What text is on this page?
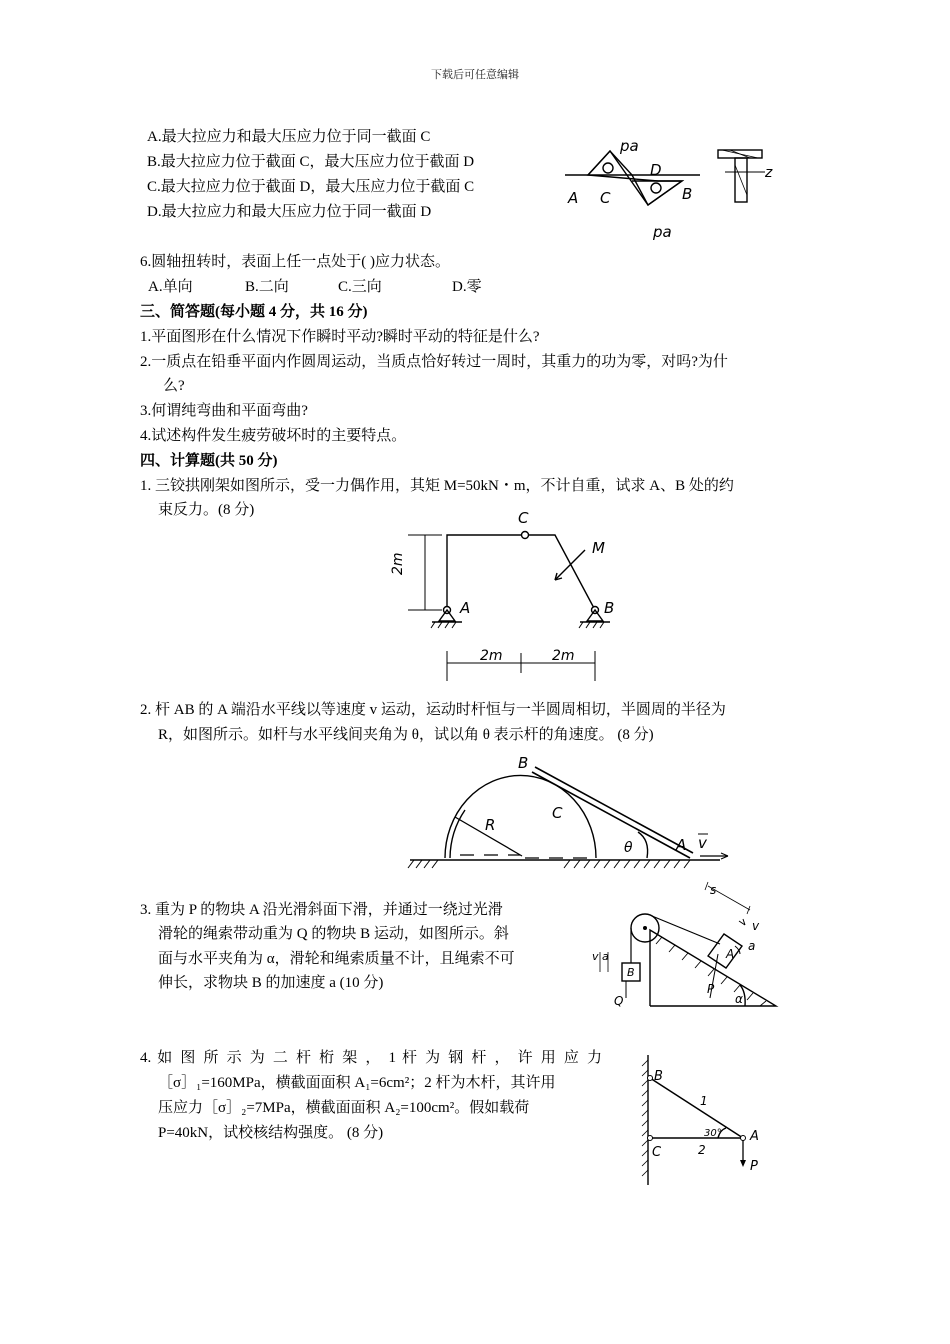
下载后可任意编辑
A.最大拉应力和最大压应力位于同一截面 C
B.最大拉应力位于截面 C，最大压应力位于截面 D
C.最大拉应力位于截面 D，最大压应力位于截面 C
D.最大拉应力和最大压应力位于同一截面 D
pa
pa
A C
D
B
z
6.圆轴扭转时，表面上任一点处于( )应力状态。
A.单向	B.二向	C.三向	D.零
三、简答题(每小题 4 分，共 16 分)
1.平面图形在什么情况下作瞬时平动?瞬时平动的特征是什么?
2.一质点在铅垂平面内作圆周运动，当质点恰好转过一周时，其重力的功为零，对吗?为什
么?
3.何谓纯弯曲和平面弯曲?
4.试述构件发生疲劳破坏时的主要特点。
四、计算题(共 50 分)
1. 三铰拱刚架如图所示，受一力偶作用，其矩 M=50kN・m，不计自重，试求 A、B 处的约
束反力。(8 分)	C
M
A	B
2m
2m	2m
2. 杆 AB 的 A 端沿水平线以等速度 v 运动，运动时杆恒与一半圆周相切，半圆周的半径为
R，如图所示。如杆与水平线间夹角为 θ，试以角 θ 表示杆的角速度。 (8 分)
B
C
R
θ	A v
3. 重为 P 的物块 A 沿光滑斜面下滑，并通过一绕过光滑
滑轮的绳索带动重为 Q 的物块 B 运动，如图所示。斜
面与水平夹角为 α，滑轮和绳索质量不计，且绳索不可
伸长，求物块 B 的加速度 a (10 分)
s
v
a
A
B
P
Q	α
v a
4. 如 图 所 示 为 二 杆 桁 架 ， 1 杆 为 钢 杆 ， 许 用 应 力
［σ］₁=160MPa，横截面面积 A₁=6cm²；2 杆为木杆，其许用
压应力［σ］₂=7MPa，横截面面积 A₂=100cm²。假如载荷
P=40kN，试校核结构强度。 (8 分)
B
1
30° A
C	2
P
